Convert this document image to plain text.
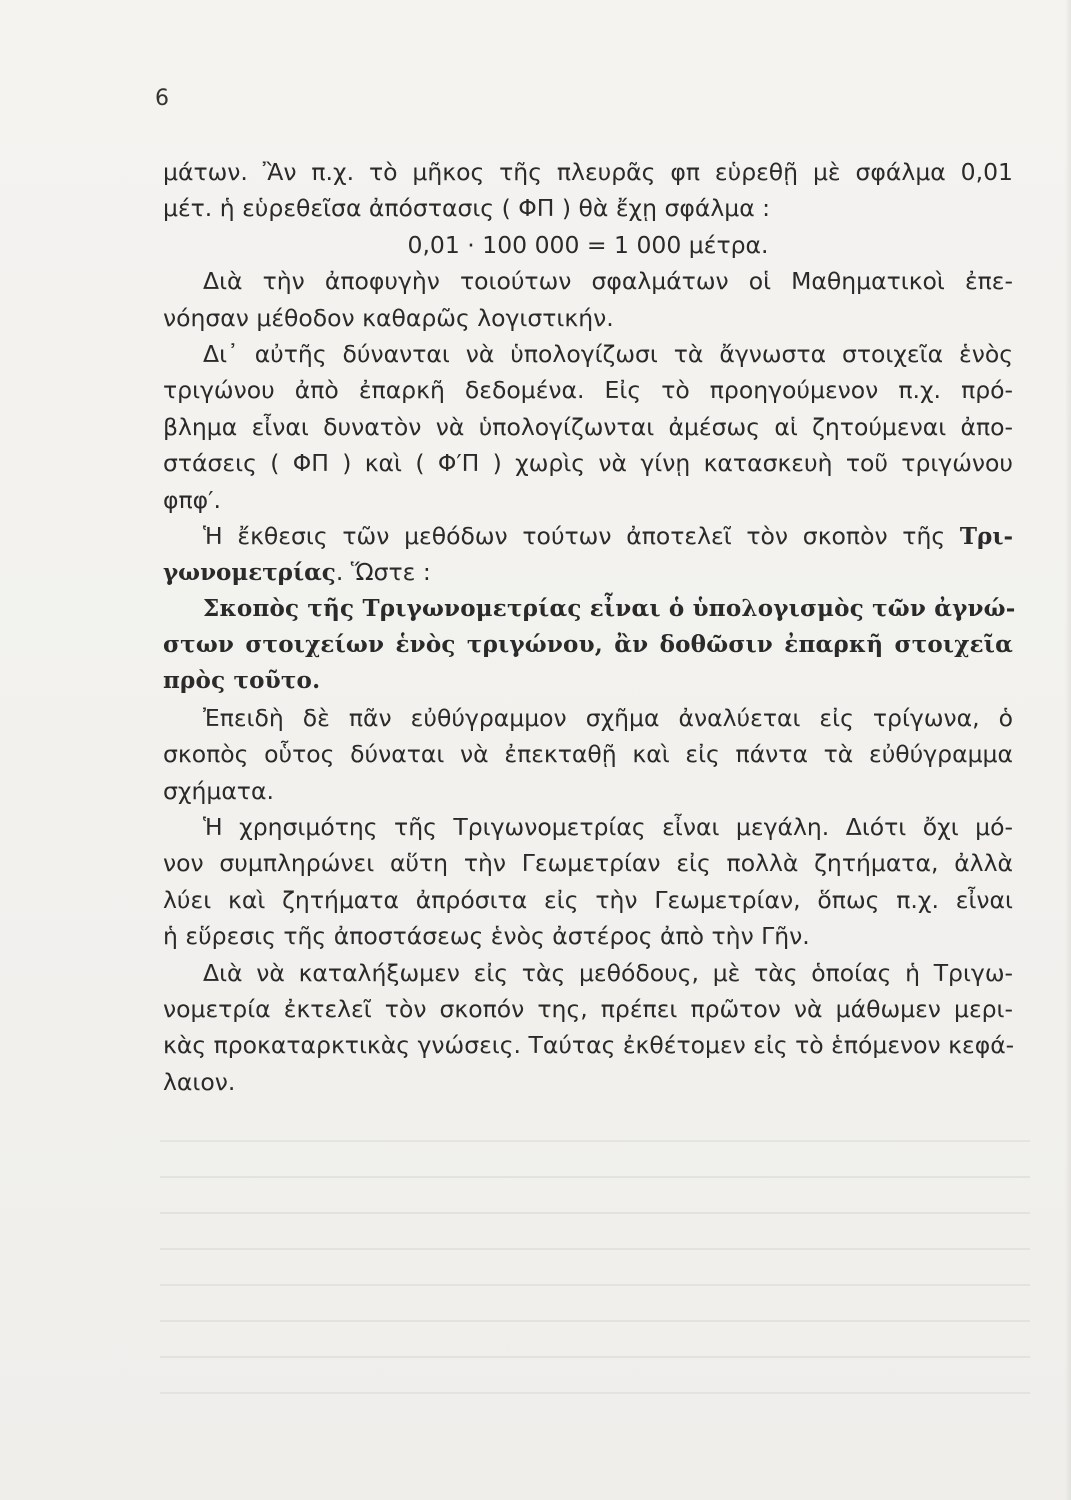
6
μάτων. Ἂν π.χ. τὸ μῆκος τῆς πλευρᾶς φπ εὑρεθῇ μὲ σφάλμα 0,01
μέτ. ἡ εὑρεθεῖσα ἀπόστασις ( ΦΠ ) θὰ ἔχῃ σφάλμα :
0,01 · 100 000 = 1 000 μέτρα.
Διὰ τὴν ἀποφυγὴν τοιούτων σφαλμάτων οἱ Μαθηματικοὶ ἐπε-
νόησαν μέθοδον καθαρῶς λογιστικήν.
Δι᾽ αὐτῆς δύνανται νὰ ὑπολογίζωσι τὰ ἄγνωστα στοιχεῖα ἑνὸς
τριγώνου ἀπὸ ἐπαρκῆ δεδομένα. Εἰς τὸ προηγούμενον π.χ. πρό-
βλημα εἶναι δυνατὸν νὰ ὑπολογίζωνται ἀμέσως αἱ ζητούμεναι ἀπο-
στάσεις ( ΦΠ ) καὶ ( Φ′Π ) χωρὶς νὰ γίνῃ κατασκευὴ τοῦ τριγώνου
φπφ′.
Ἡ ἔκθεσις τῶν μεθόδων τούτων ἀποτελεῖ τὸν σκοπὸν τῆς Τρι-
γωνομετρίας. Ὥστε :
Σκοπὸς τῆς Τριγωνομετρίας εἶναι ὁ ὑπολογισμὸς τῶν ἀγνώ-
στων στοιχείων ἑνὸς τριγώνου, ἂν δοθῶσιν ἐπαρκῆ στοιχεῖα
πρὸς τοῦτο.
Ἐπειδὴ δὲ πᾶν εὐθύγραμμον σχῆμα ἀναλύεται εἰς τρίγωνα, ὁ
σκοπὸς οὗτος δύναται νὰ ἐπεκταθῇ καὶ εἰς πάντα τὰ εὐθύγραμμα
σχήματα.
Ἡ χρησιμότης τῆς Τριγωνομετρίας εἶναι μεγάλη. Διότι ὄχι μό-
νον συμπληρώνει αὕτη τὴν Γεωμετρίαν εἰς πολλὰ ζητήματα, ἀλλὰ
λύει καὶ ζητήματα ἀπρόσιτα εἰς τὴν Γεωμετρίαν, ὅπως π.χ. εἶναι
ἡ εὕρεσις τῆς ἀποστάσεως ἑνὸς ἀστέρος ἀπὸ τὴν Γῆν.
Διὰ νὰ καταλήξωμεν εἰς τὰς μεθόδους, μὲ τὰς ὁποίας ἡ Τριγω-
νομετρία ἐκτελεῖ τὸν σκοπόν της, πρέπει πρῶτον νὰ μάθωμεν μερι-
κὰς προκαταρκτικὰς γνώσεις. Ταύτας ἐκθέτομεν εἰς τὸ ἑπόμενον κεφά-
λαιον.
